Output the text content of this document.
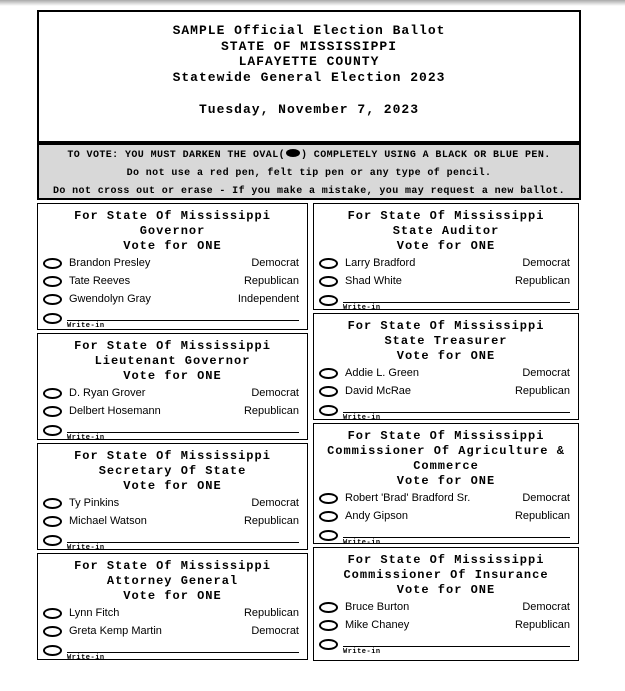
SAMPLE Official Election Ballot
STATE OF MISSISSIPPI
LAFAYETTE COUNTY
Statewide General Election 2023
Tuesday, November 7, 2023
TO VOTE: YOU MUST DARKEN THE OVAL( ) COMPLETELY USING A BLACK OR BLUE PEN.
Do not use a red pen, felt tip pen or any type of pencil.
Do not cross out or erase - If you make a mistake, you may request a new ballot.
For State Of Mississippi
Governor
Vote for ONE
Brandon Presley	Democrat
Tate Reeves	Republican
Gwendolyn Gray	Independent
Write-in
For State Of Mississippi
Lieutenant Governor
Vote for ONE
D. Ryan Grover	Democrat
Delbert Hosemann	Republican
Write-in
For State Of Mississippi
Secretary Of State
Vote for ONE
Ty Pinkins	Democrat
Michael Watson	Republican
Write-in
For State Of Mississippi
Attorney General
Vote for ONE
Lynn Fitch	Republican
Greta Kemp Martin	Democrat
Write-in
For State Of Mississippi
State Auditor
Vote for ONE
Larry Bradford	Democrat
Shad White	Republican
Write-in
For State Of Mississippi
State Treasurer
Vote for ONE
Addie L. Green	Democrat
David McRae	Republican
Write-in
For State Of Mississippi
Commissioner Of Agriculture & Commerce
Vote for ONE
Robert 'Brad' Bradford Sr.	Democrat
Andy Gipson	Republican
Write-in
For State Of Mississippi
Commissioner Of Insurance
Vote for ONE
Bruce Burton	Democrat
Mike Chaney	Republican
Write-in
